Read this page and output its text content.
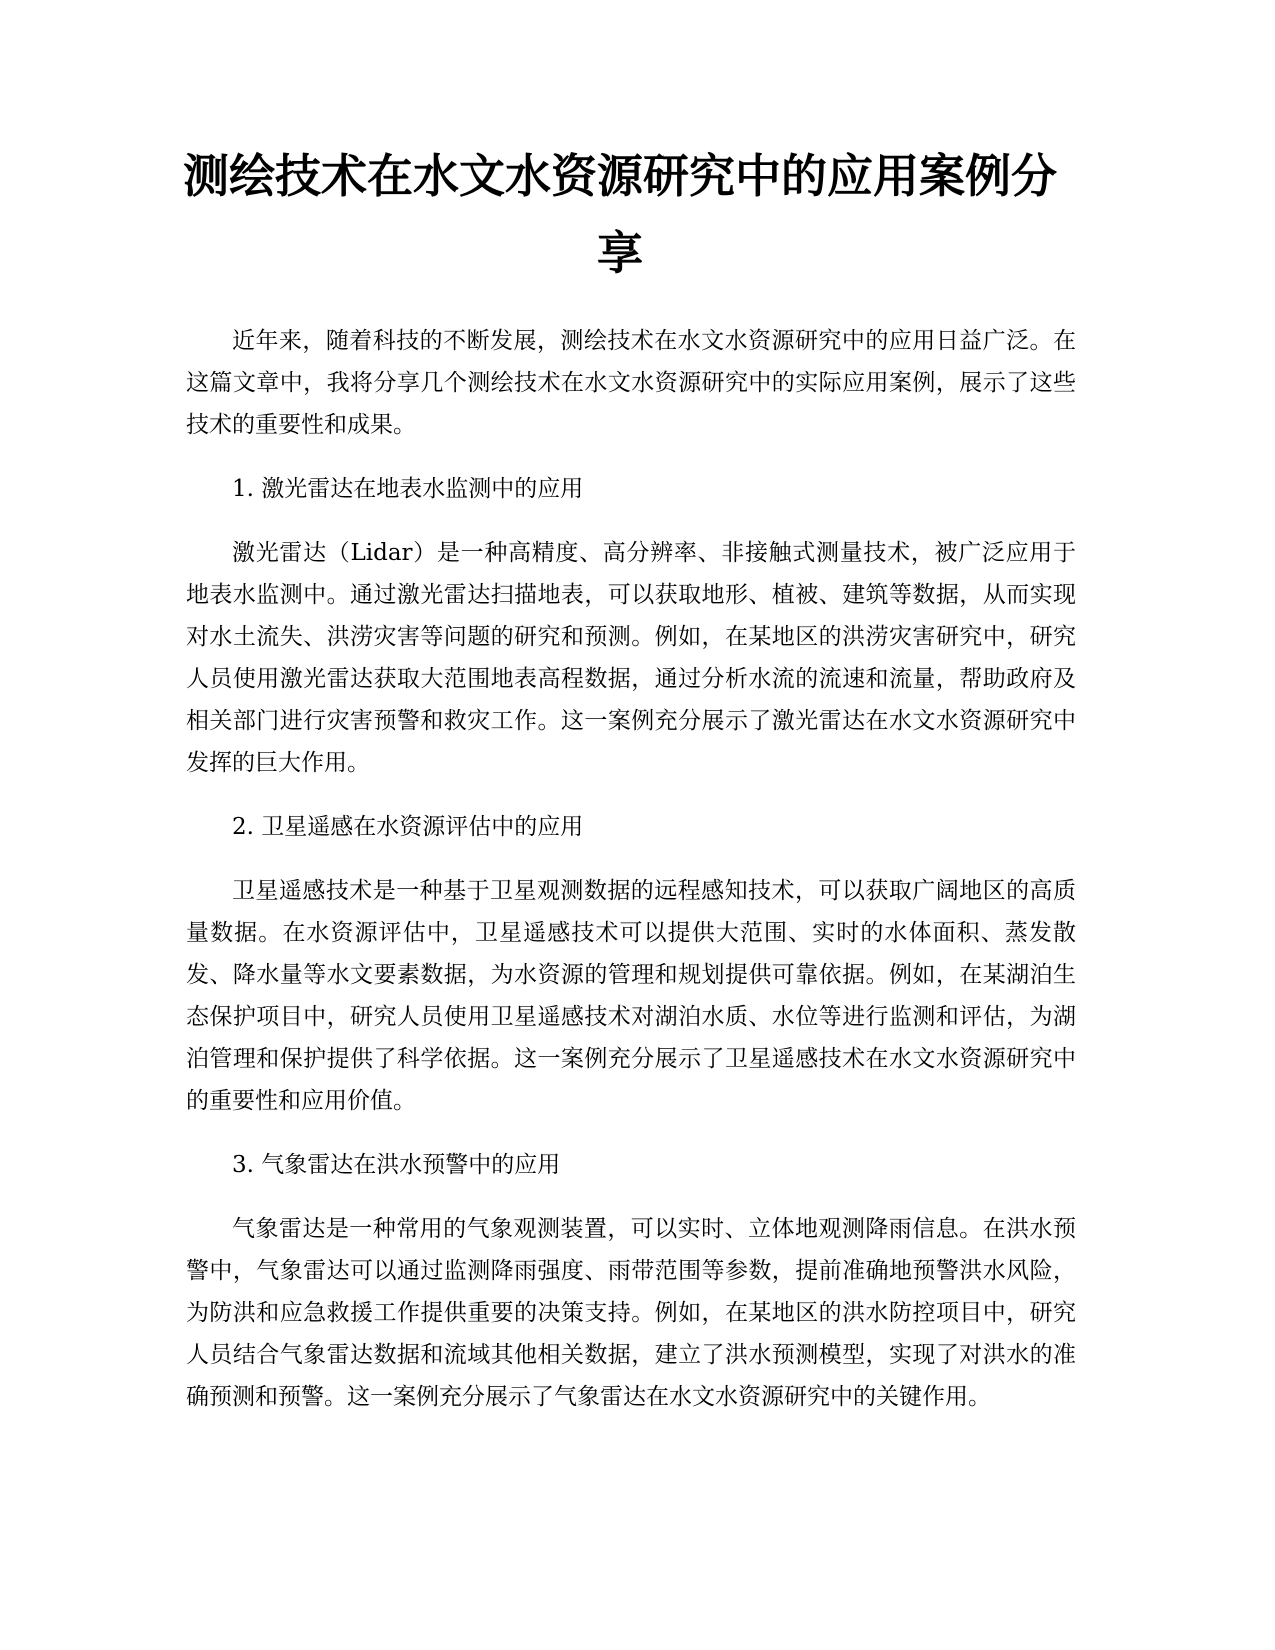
测绘技术在水文水资源研究中的应用案例分享

近年来，随着科技的不断发展，测绘技术在水文水资源研究中的应用日益广泛。在这篇文章中，我将分享几个测绘技术在水文水资源研究中的实际应用案例，展示了这些技术的重要性和成果。

1. 激光雷达在地表水监测中的应用

激光雷达（Lidar）是一种高精度、高分辨率、非接触式测量技术，被广泛应用于地表水监测中。通过激光雷达扫描地表，可以获取地形、植被、建筑等数据，从而实现对水土流失、洪涝灾害等问题的研究和预测。例如，在某地区的洪涝灾害研究中，研究人员使用激光雷达获取大范围地表高程数据，通过分析水流的流速和流量，帮助政府及相关部门进行灾害预警和救灾工作。这一案例充分展示了激光雷达在水文水资源研究中发挥的巨大作用。

2. 卫星遥感在水资源评估中的应用

卫星遥感技术是一种基于卫星观测数据的远程感知技术，可以获取广阔地区的高质量数据。在水资源评估中，卫星遥感技术可以提供大范围、实时的水体面积、蒸发散发、降水量等水文要素数据，为水资源的管理和规划提供可靠依据。例如，在某湖泊生态保护项目中，研究人员使用卫星遥感技术对湖泊水质、水位等进行监测和评估，为湖泊管理和保护提供了科学依据。这一案例充分展示了卫星遥感技术在水文水资源研究中的重要性和应用价值。

3. 气象雷达在洪水预警中的应用

气象雷达是一种常用的气象观测装置，可以实时、立体地观测降雨信息。在洪水预警中，气象雷达可以通过监测降雨强度、雨带范围等参数，提前准确地预警洪水风险，为防洪和应急救援工作提供重要的决策支持。例如，在某地区的洪水防控项目中，研究人员结合气象雷达数据和流域其他相关数据，建立了洪水预测模型，实现了对洪水的准确预测和预警。这一案例充分展示了气象雷达在水文水资源研究中的关键作用。
